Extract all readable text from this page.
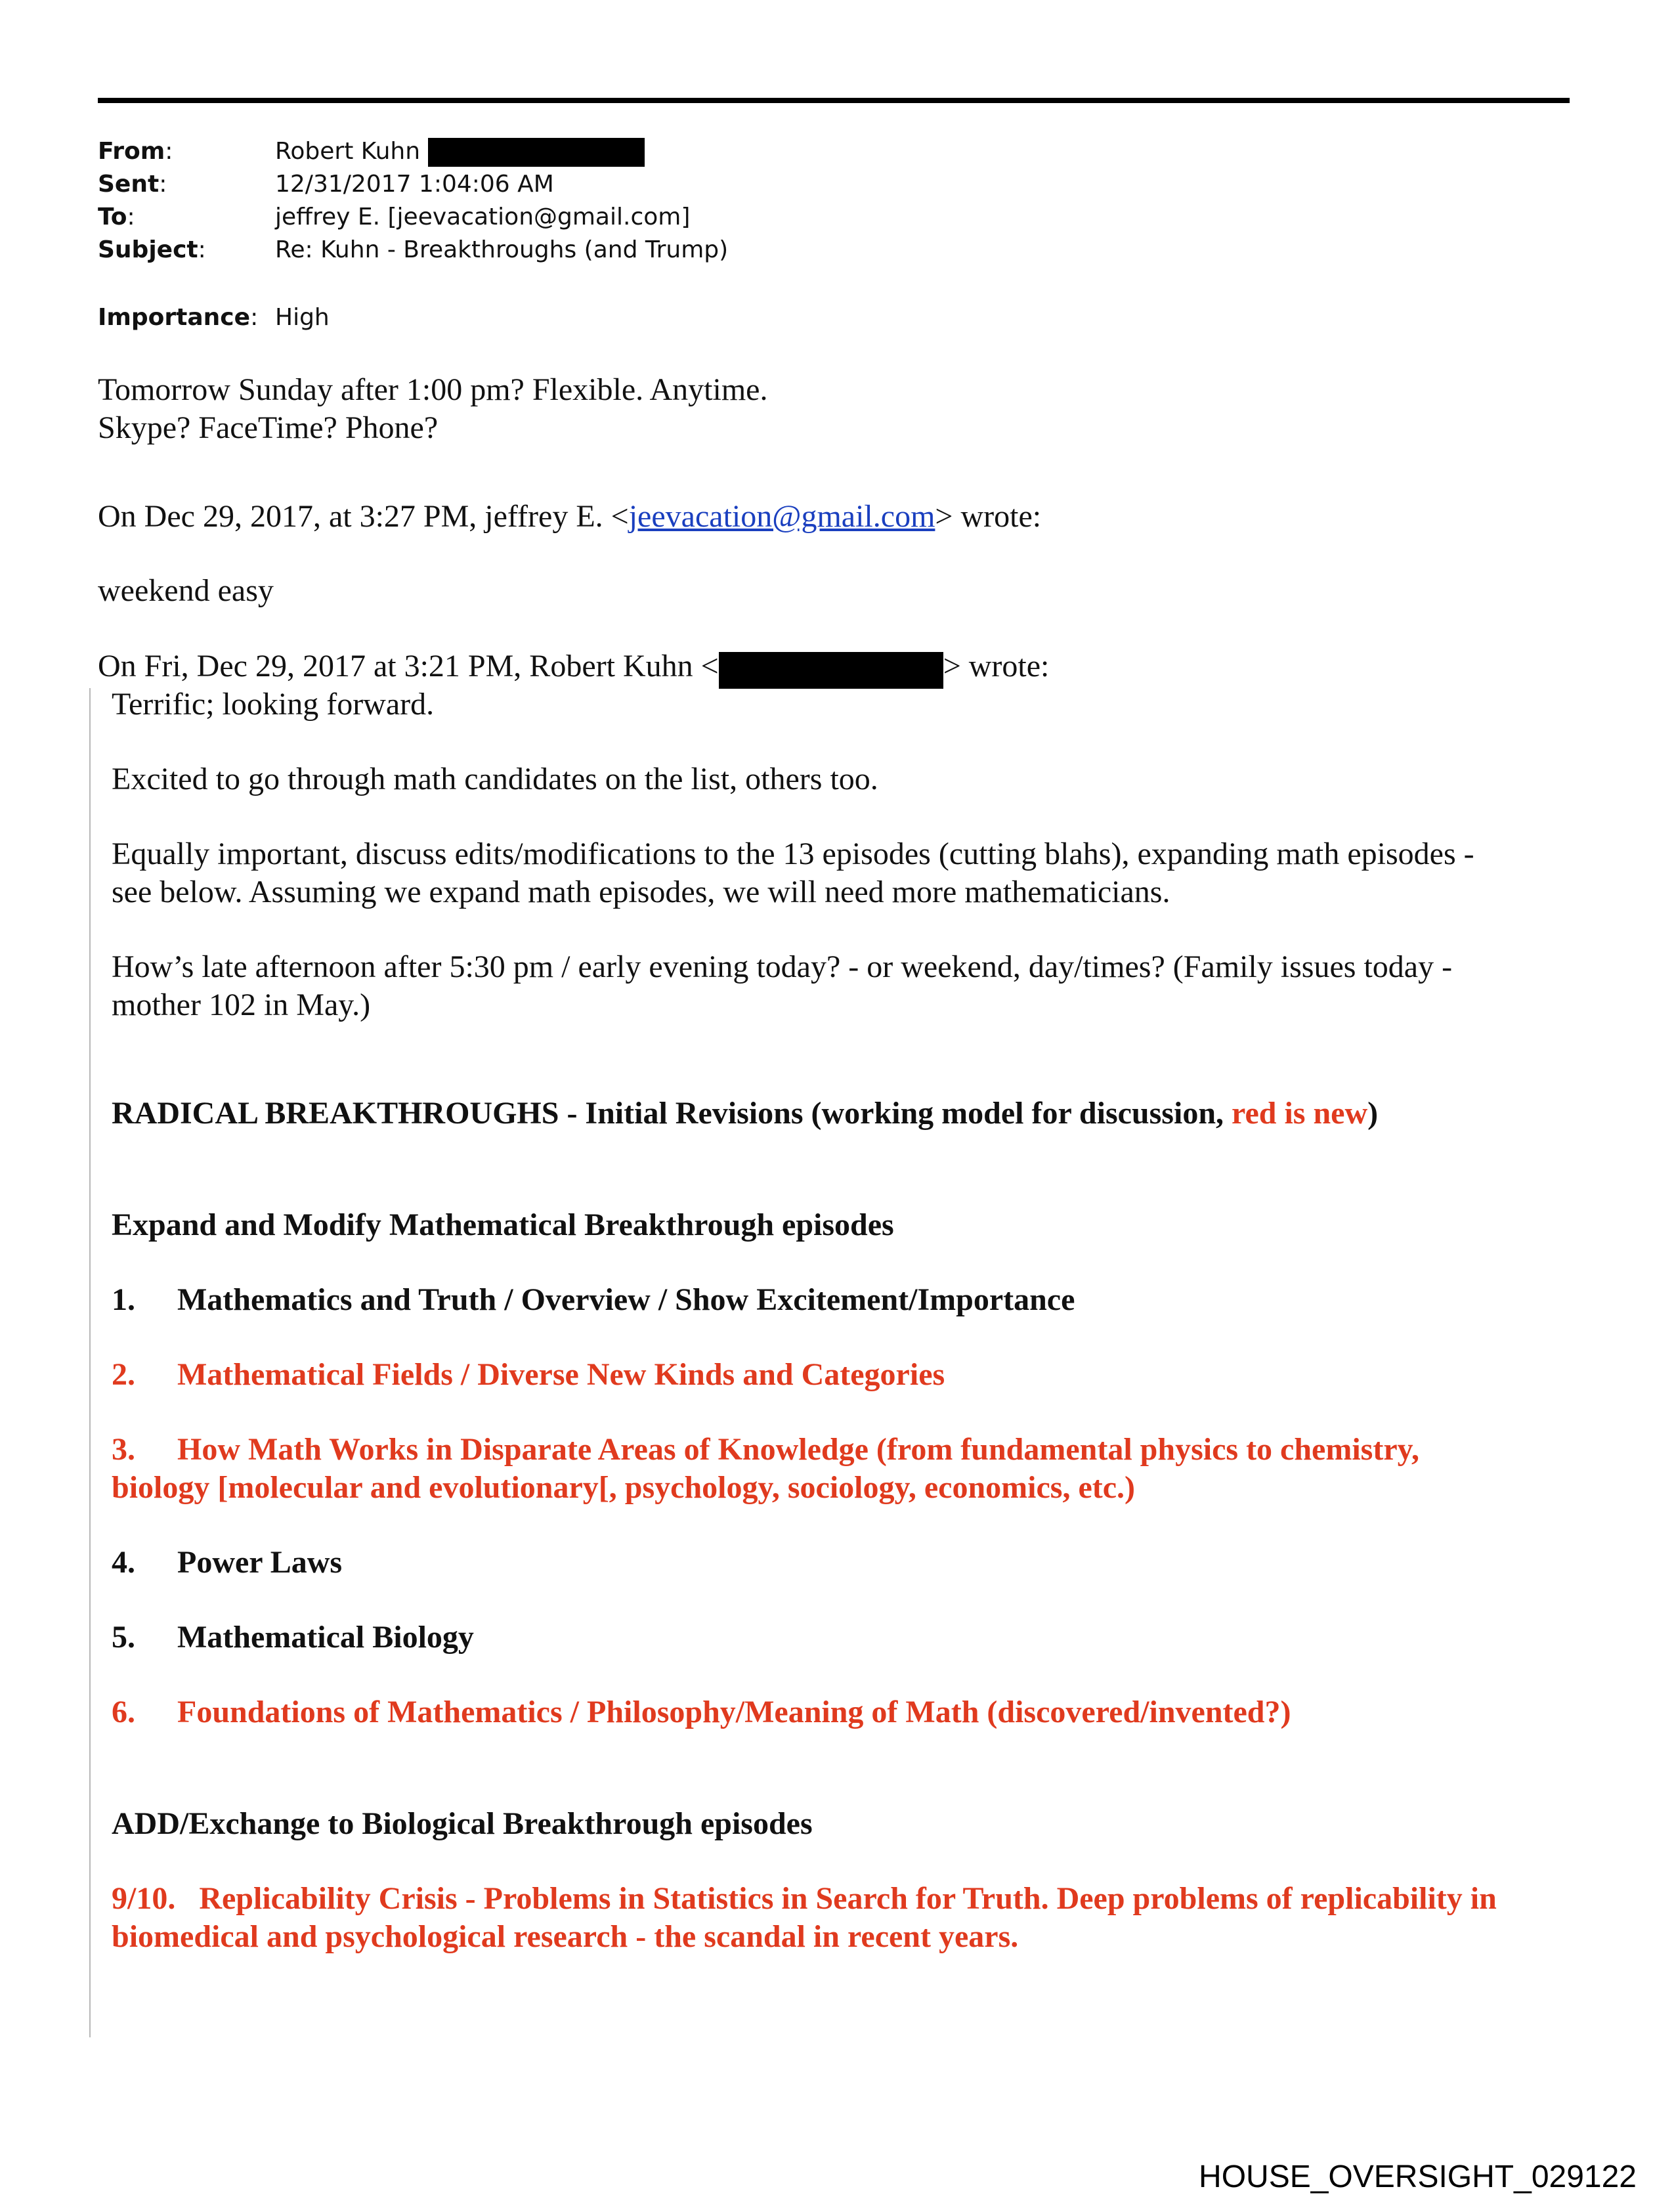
From:	Robert Kuhn
Sent:	12/31/2017 1:04:06 AM
To:	jeffrey E. [jeevacation@gmail.com]
Subject:	Re: Kuhn - Breakthroughs (and Trump)
Importance: High
Tomorrow Sunday after 1:00 pm? Flexible. Anytime.
Skype? FaceTime? Phone?
On Dec 29, 2017, at 3:27 PM, jeffrey E. <jeevacation@gmail.com> wrote:
weekend easy
On Fri, Dec 29, 2017 at 3:21 PM, Robert Kuhn <	> wrote:
Terrific; looking forward.
Excited to go through math candidates on the list, others too.
Equally important, discuss edits/modifications to the 13 episodes (cutting blahs), expanding math episodes -
see below. Assuming we expand math episodes, we will need more mathematicians.
How’s late afternoon after 5:30 pm / early evening today? - or weekend, day/times? (Family issues today -
mother 102 in May.)
RADICAL BREAKTHROUGHS - Initial Revisions (working model for discussion, red is new)
Expand and Modify Mathematical Breakthrough episodes
1. Mathematics and Truth / Overview / Show Excitement/Importance
2. Mathematical Fields / Diverse New Kinds and Categories
3. How Math Works in Disparate Areas of Knowledge (from fundamental physics to chemistry,
biology [molecular and evolutionary[, psychology, sociology, economics, etc.)
4. Power Laws
5. Mathematical Biology
6. Foundations of Mathematics / Philosophy/Meaning of Math (discovered/invented?)
ADD/Exchange to Biological Breakthrough episodes
9/10.   Replicability Crisis - Problems in Statistics in Search for Truth. Deep problems of replicability in
biomedical and psychological research - the scandal in recent years.
HOUSE_OVERSIGHT_029122
